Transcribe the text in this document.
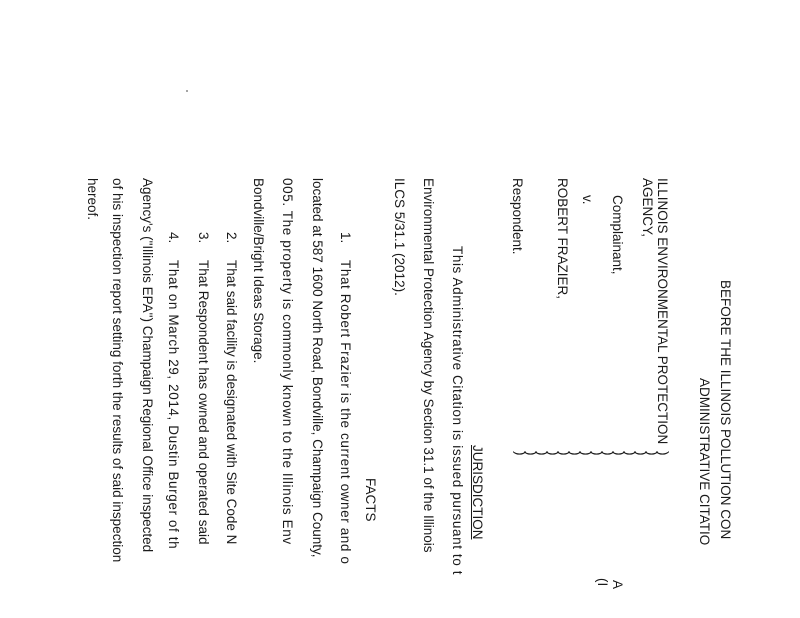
BEFORE THE ILLINOIS POLLUTION CON
ADMINISTRATIVE CITATIO
ILLINOIS ENVIRONMENTAL PROTECTION
AGENCY,
Complainant,
v.
ROBERT FRAZIER,
Respondent.
A
(I
)
)
)
)
)
)
)
)
)
)
)
)
)
)
JURISDICTION
This Administrative Citation is issued pursuant to t
Environmental Protection Agency by Section 31.1 of the Illinois
ILCS 5/31.1 (2012).
FACTS
1.
That Robert Frazier is the current owner and o
located at 587 1600 North Road, Bondville, Champaign County,
005. The property is commonly known to the Illinois Env
Bondville/Bright Ideas Storage.
2.
That said facility is designated with Site Code N
3.
That Respondent has owned and operated said
4.
That on March 29, 2014, Dustin Burger of th
Agency's ("Illinois EPA") Champaign Regional Office inspected
of his inspection report setting forth the results of said inspection
hereof.
